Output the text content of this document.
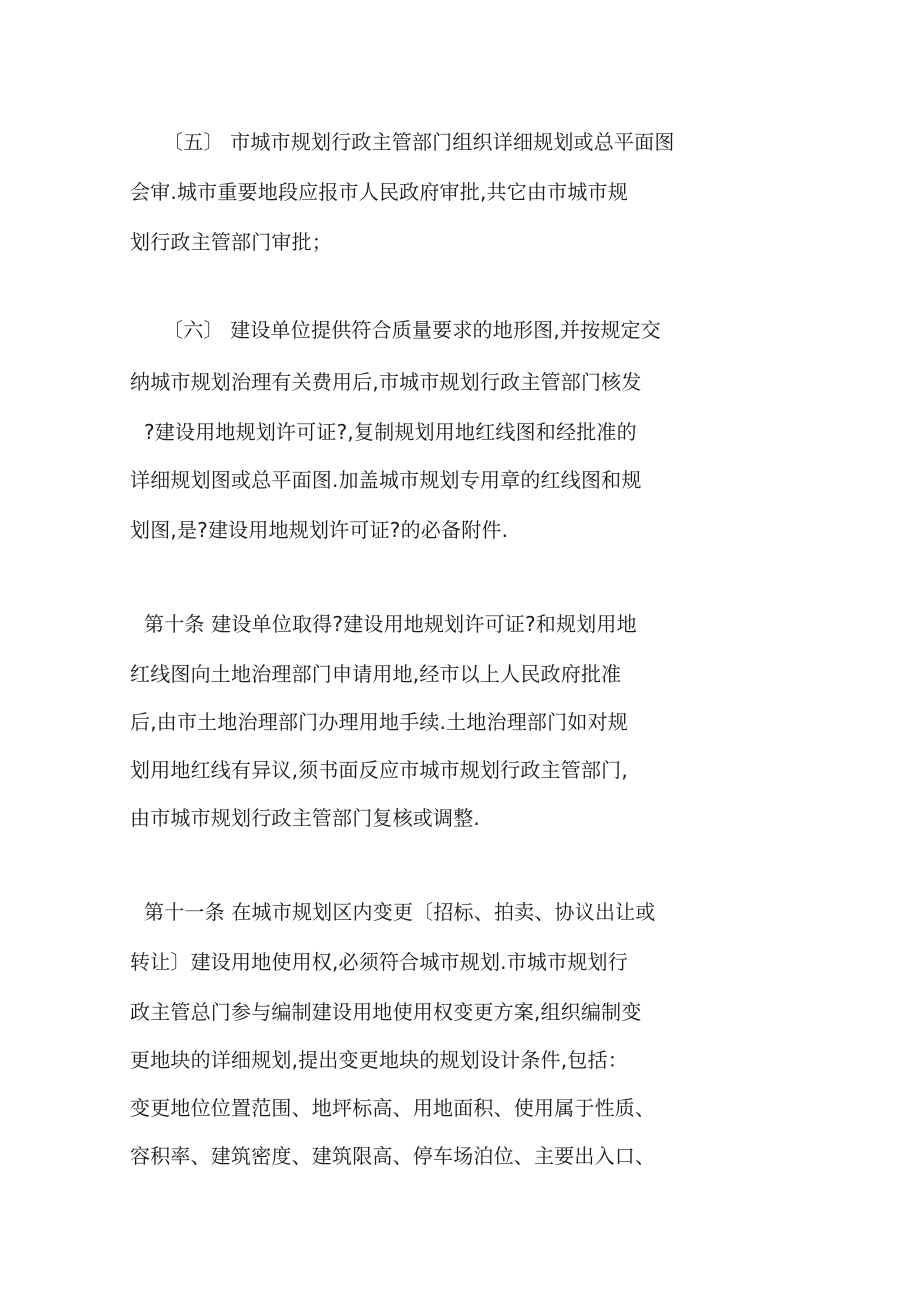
〔五〕 市城市规划行政主管部门组织详细规划或总平面图
会审.城市重要地段应报市人民政府审批,共它由市城市规
划行政主管部门审批；
〔六〕 建设单位提供符合质量要求的地形图,并按规定交
纳城市规划治理有关费用后,市城市规划行政主管部门核发
?建设用地规划许可证?,复制规划用地红线图和经批准的
详细规划图或总平面图.加盖城市规划专用章的红线图和规
划图,是?建设用地规划许可证?的必备附件.
第十条 建设单位取得?建设用地规划许可证?和规划用地
红线图向土地治理部门申请用地,经市以上人民政府批准
后,由市土地治理部门办理用地手续.土地治理部门如对规
划用地红线有异议,须书面反应市城市规划行政主管部门,
由市城市规划行政主管部门复核或调整.
第十一条 在城市规划区内变更〔招标、拍卖、协议出让或
转让〕建设用地使用权,必须符合城市规划.市城市规划行
政主管总门参与编制建设用地使用权变更方案,组织编制变
更地块的详细规划,提出变更地块的规划设计条件,包括：
变更地位位置范围、地坪标高、用地面积、使用属于性质、
容积率、建筑密度、建筑限高、停车场泊位、主要出入口、
